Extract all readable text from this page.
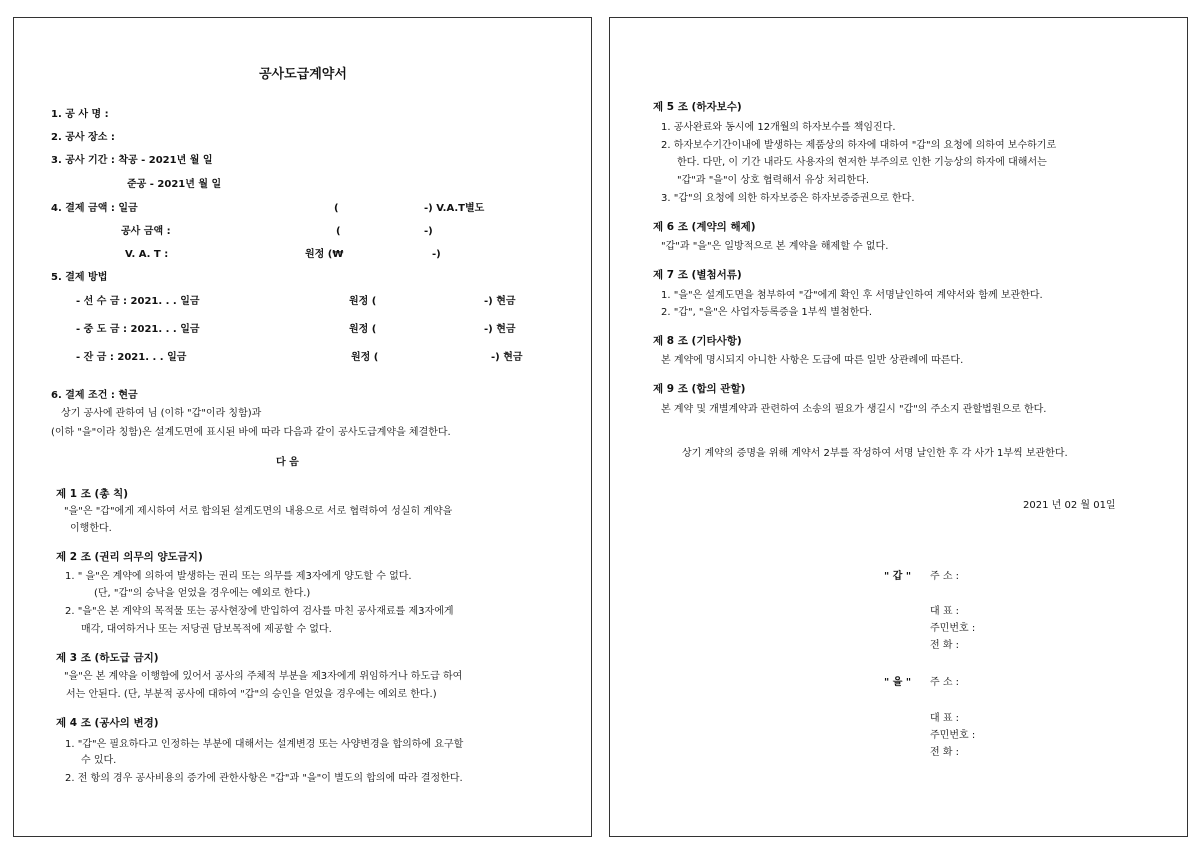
공사도급계약서
1. 공 사 명 :
2. 공사 장소 :
3. 공사 기간 : 착공 - 2021년 월 일
준공 - 2021년 월 일
4. 결제 금액 : 일금	(	-) V.A.T별도
공사 금액 :	(	-)
V. A. T :	원정 (₩	-)
5. 결제 방법
- 선 수 금 : 2021. . . 일금	원정 (	-) 현금
- 중 도 금 : 2021. . . 일금	원정 (	-) 현금
- 잔 금 : 2021. . . 일금	원정 (	-) 현금
6. 결제 조건 : 현금
상기 공사에 관하여 님 (이하 "갑"이라 칭함)과
(이하 "을"이라 칭함)은 설계도면에 표시된 바에 따라 다음과 같이 공사도급계약을 체결한다.
다 음
제 1 조 (총 칙)
"을"은 "갑"에게 제시하여 서로 합의된 설계도면의 내용으로 서로 협력하여 성실히 계약을
이행한다.
제 2 조 (권리 의무의 양도금지)
1. " 을"은 계약에 의하여 발생하는 권리 또는 의무를 제3자에게 양도할 수 없다.
(단, "갑"의 승낙을 얻었을 경우에는 예외로 한다.)
2. "을"은 본 계약의 목적물 또는 공사현장에 반입하여 검사를 마친 공사재료를 제3자에게
매각, 대여하거나 또는 저당권 담보목적에 제공할 수 없다.
제 3 조 (하도급 금지)
"을"은 본 계약을 이행함에 있어서 공사의 주체적 부분을 제3자에게 위임하거나 하도급 하여
서는 안된다. (단, 부분적 공사에 대하여 "갑"의 승인을 얻었을 경우에는 예외로 한다.)
제 4 조 (공사의 변경)
1. "갑"은 필요하다고 인정하는 부분에 대해서는 설계변경 또는 사양변경을 합의하에 요구할
수 있다.
2. 전 항의 경우 공사비용의 증가에 관한사항은 "갑"과 "을"이 별도의 합의에 따라 결정한다.
제 5 조 (하자보수)
1. 공사완료와 동시에 12개월의 하자보수를 책임진다.
2. 하자보수기간이내에 발생하는 제품상의 하자에 대하여 "갑"의 요청에 의하여 보수하기로
한다. 다만, 이 기간 내라도 사용자의 현저한 부주의로 인한 기능상의 하자에 대해서는
"갑"과 "을"이 상호 협력해서 유상 처리한다.
3. "갑"의 요청에 의한 하자보증은 하자보증증권으로 한다.
제 6 조 (계약의 해제)
"갑"과 "을"은 일방적으로 본 계약을 해제할 수 없다.
제 7 조 (별첨서류)
1. "을"은 설계도면을 첨부하여 "갑"에게 확인 후 서명날인하여 계약서와 함께 보관한다.
2. "갑", "을"은 사업자등록증을 1부씩 별첨한다.
제 8 조 (기타사항)
본 계약에 명시되지 아니한 사항은 도급에 따른 일반 상관례에 따른다.
제 9 조 (합의 관할)
본 계약 및 개별계약과 관련하여 소송의 필요가 생길시 "갑"의 주소지 관할법원으로 한다.
상기 계약의 증명을 위해 계약서 2부를 작성하여 서명 날인한 후 각 사가 1부씩 보관한다.
2021 년 02 월 01일
" 갑 " 주 소 :
대 표 :
주민번호 :
전 화 :
" 을 " 주 소 :
대 표 :
주민번호 :
전 화 :
